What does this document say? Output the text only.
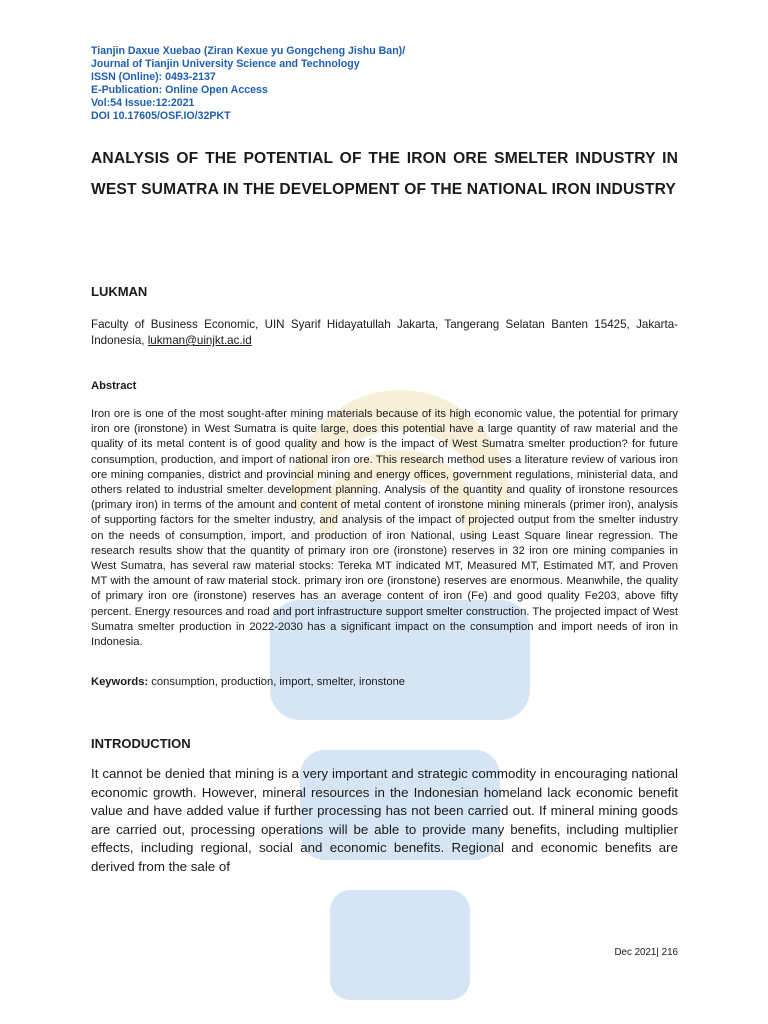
Tianjin Daxue Xuebao (Ziran Kexue yu Gongcheng Jishu Ban)/
Journal of Tianjin University Science and Technology
ISSN (Online): 0493-2137
E-Publication: Online Open Access
Vol:54 Issue:12:2021
DOI 10.17605/OSF.IO/32PKT
ANALYSIS OF THE POTENTIAL OF THE IRON ORE SMELTER INDUSTRY IN WEST SUMATRA IN THE DEVELOPMENT OF THE NATIONAL IRON INDUSTRY
LUKMAN

Faculty of Business Economic, UIN Syarif Hidayatullah Jakarta, Tangerang Selatan Banten 15425, Jakarta-Indonesia, lukman@uinjkt.ac.id

Abstract

Iron ore is one of the most sought-after mining materials because of its high economic value, the potential for primary iron ore (ironstone) in West Sumatra is quite large, does this potential have a large quantity of raw material and the quality of its metal content is of good quality and how is the impact of West Sumatra smelter production? for future consumption, production, and import of national iron ore. This research method uses a literature review of various iron ore mining companies, district and provincial mining and energy offices, government regulations, ministerial data, and others related to industrial smelter development planning. Analysis of the quantity and quality of ironstone resources (primary iron) in terms of the amount and content of metal content of ironstone mining minerals (primer iron), analysis of supporting factors for the smelter industry, and analysis of the impact of projected output from the smelter industry on the needs of consumption, import, and production of iron National, using Least Square linear regression. The research results show that the quantity of primary iron ore (ironstone) reserves in 32 iron ore mining companies in West Sumatra, has several raw material stocks: Tereka MT indicated MT, Measured MT, Estimated MT, and Proven MT with the amount of raw material stock. primary iron ore (ironstone) reserves are enormous. Meanwhile, the quality of primary iron ore (ironstone) reserves has an average content of iron (Fe) and good quality Fe203, above fifty percent. Energy resources and road and port infrastructure support smelter construction. The projected impact of West Sumatra smelter production in 2022-2030 has a significant impact on the consumption and import needs of iron in Indonesia.

Keywords: consumption, production, import, smelter, ironstone

INTRODUCTION

It cannot be denied that mining is a very important and strategic commodity in encouraging national economic growth. However, mineral resources in the Indonesian homeland lack economic benefit value and have added value if further processing has not been carried out. If mineral mining goods are carried out, processing operations will be able to provide many benefits, including multiplier effects, including regional, social and economic benefits. Regional and economic benefits are derived from the sale of

Dec 2021| 216
